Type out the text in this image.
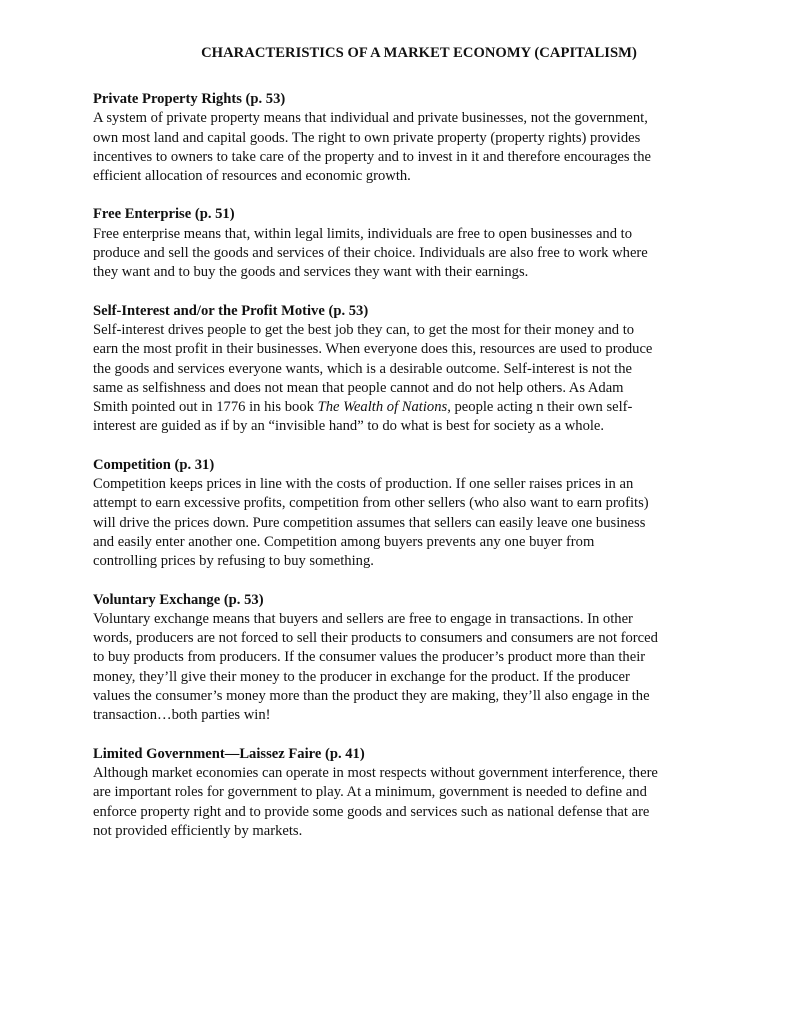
CHARACTERISTICS OF A MARKET ECONOMY (CAPITALISM)
Private Property Rights (p. 53)
A system of private property means that individual and private businesses, not the government,
own most land and capital goods. The right to own private property (property rights) provides
incentives to owners to take care of the property and to invest in it and therefore encourages the
efficient allocation of resources and economic growth.
Free Enterprise (p. 51)
Free enterprise means that, within legal limits, individuals are free to open businesses and to
produce and sell the goods and services of their choice. Individuals are also free to work where
they want and to buy the goods and services they want with their earnings.
Self-Interest and/or the Profit Motive (p. 53)
Self-interest drives people to get the best job they can, to get the most for their money and to
earn the most profit in their businesses. When everyone does this, resources are used to produce
the goods and services everyone wants, which is a desirable outcome. Self-interest is not the
same as selfishness and does not mean that people cannot and do not help others. As Adam
Smith pointed out in 1776 in his book The Wealth of Nations, people acting n their own self-
interest are guided as if by an “invisible hand” to do what is best for society as a whole.
Competition (p. 31)
Competition keeps prices in line with the costs of production. If one seller raises prices in an
attempt to earn excessive profits, competition from other sellers (who also want to earn profits)
will drive the prices down. Pure competition assumes that sellers can easily leave one business
and easily enter another one. Competition among buyers prevents any one buyer from
controlling prices by refusing to buy something.
Voluntary Exchange (p. 53)
Voluntary exchange means that buyers and sellers are free to engage in transactions. In other
words, producers are not forced to sell their products to consumers and consumers are not forced
to buy products from producers. If the consumer values the producer’s product more than their
money, they’ll give their money to the producer in exchange for the product. If the producer
values the consumer’s money more than the product they are making, they’ll also engage in the
transaction…both parties win!
Limited Government—Laissez Faire (p. 41)
Although market economies can operate in most respects without government interference, there
are important roles for government to play. At a minimum, government is needed to define and
enforce property right and to provide some goods and services such as national defense that are
not provided efficiently by markets.
